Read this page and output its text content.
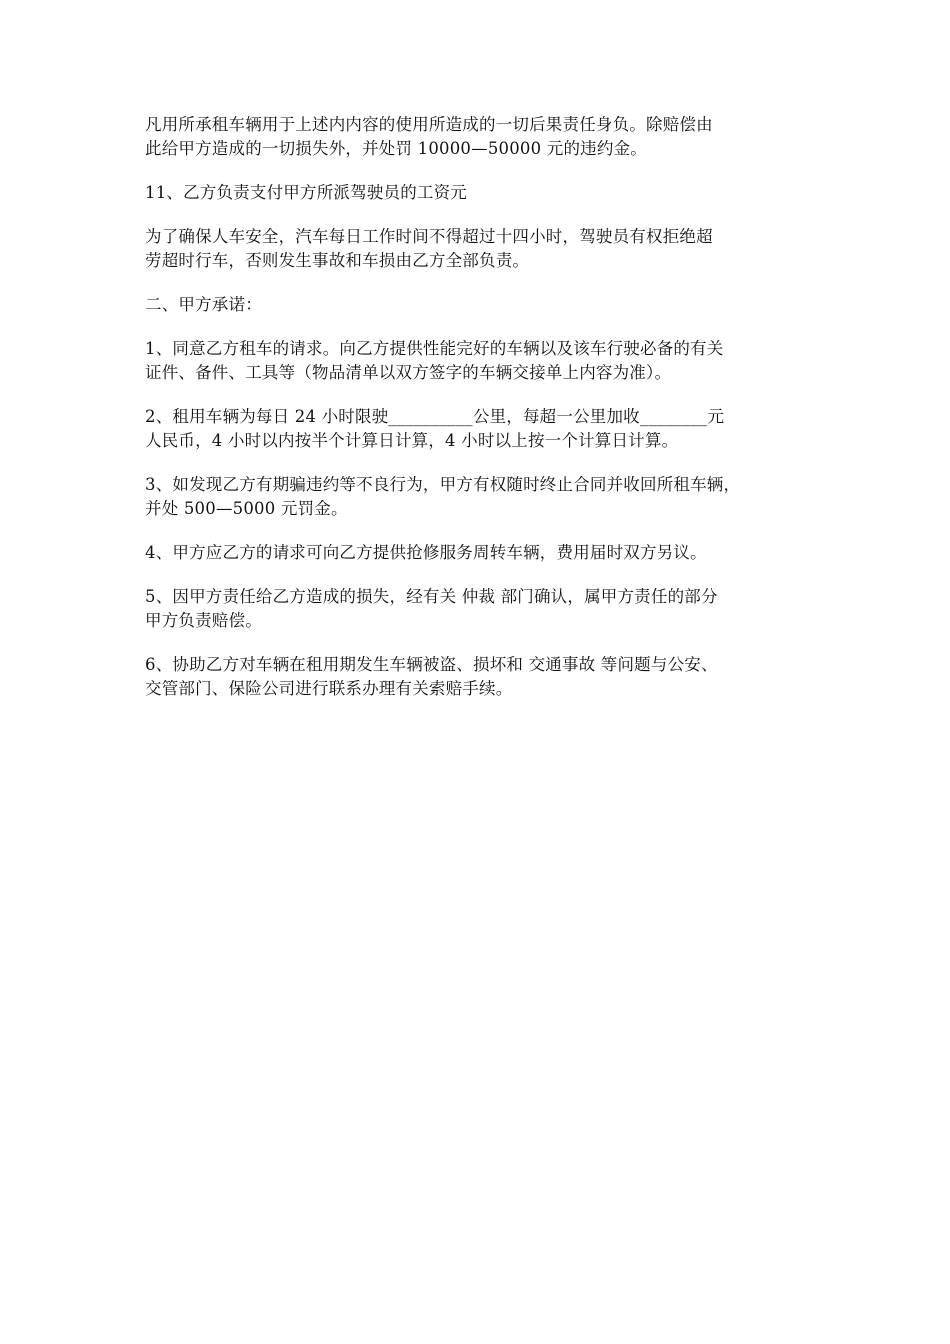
凡用所承租车辆用于上述内内容的使用所造成的一切后果责任身负。除赔偿由
此给甲方造成的一切损失外，并处罚 10000—50000 元的违约金。

11、乙方负责支付甲方所派驾驶员的工资元

为了确保人车安全，汽车每日工作时间不得超过十四小时，驾驶员有权拒绝超
劳超时行车，否则发生事故和车损由乙方全部负责。

二、甲方承诺：

1、同意乙方租车的请求。向乙方提供性能完好的车辆以及该车行驶必备的有关
证件、备件、工具等（物品清单以双方签字的车辆交接单上内容为准）。

2、租用车辆为每日 24 小时限驶__________公里，每超一公里加收________元
人民币，4 小时以内按半个计算日计算，4 小时以上按一个计算日计算。

3、如发现乙方有期骗违约等不良行为，甲方有权随时终止合同并收回所租车辆，
并处 500—5000 元罚金。

4、甲方应乙方的请求可向乙方提供抢修服务周转车辆，费用届时双方另议。

5、因甲方责任给乙方造成的损失，经有关 仲裁 部门确认，属甲方责任的部分
甲方负责赔偿。

6、协助乙方对车辆在租用期发生车辆被盗、损坏和 交通事故 等问题与公安、
交管部门、保险公司进行联系办理有关索赔手续。
